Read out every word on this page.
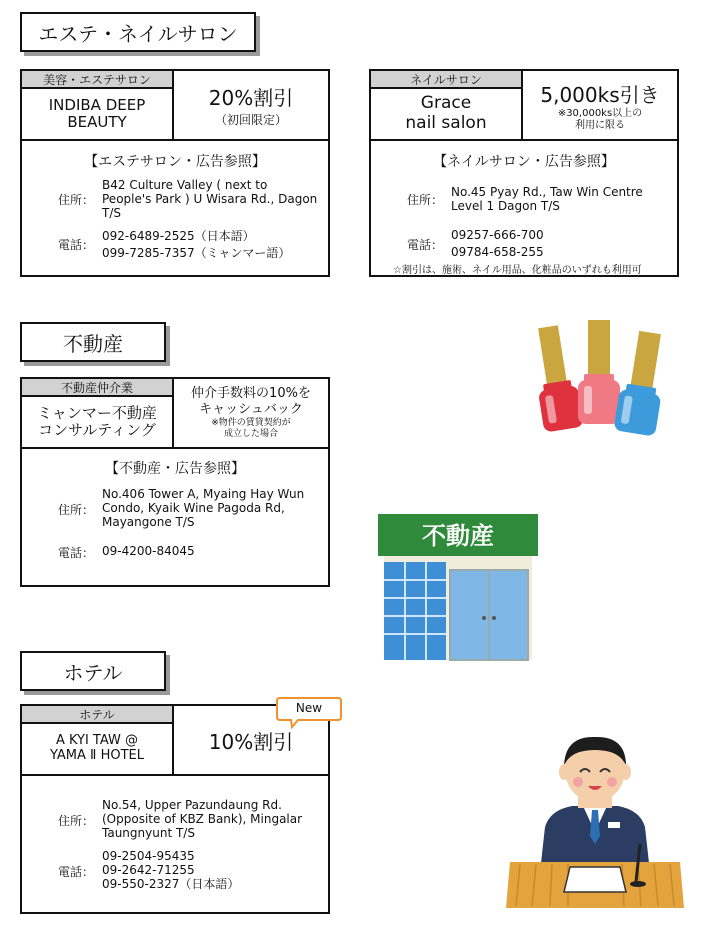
エステ・ネイルサロン
美容・エステサロン
INDIBA DEEP
BEAUTY
20%割引
（初回限定）
【エステサロン・広告参照】
住所：
B42 Culture Valley ( next to
People's Park ) U Wisara Rd., Dagon
T/S
電話：
092-6489-2525（日本語）
099-7285-7357（ミャンマー語）
ネイルサロン
Grace
nail salon
5,000ks引き
※30,000ks以上の
利用に限る
【ネイルサロン・広告参照】
住所：
No.45 Pyay Rd., Taw Win Centre
Level 1 Dagon T/S
電話：
09257-666-700
09784-658-255
☆割引は、施術、ネイル用品、化粧品のいずれも利用可
不動産
不動産仲介業
ミャンマー不動産
コンサルティング
仲介手数料の10%を
キャッシュバック
※物件の賃貸契約が
成立した場合
【不動産・広告参照】
住所：
No.406 Tower A, Myaing Hay Wun
Condo, Kyaik Wine Pagoda Rd,
Mayangone T/S
電話： 09-4200-84045
ホテル
ホテル
A KYI TAW @
YAMA Ⅱ HOTEL
10%割引
住所：
No.54, Upper Pazundaung Rd.
(Opposite of KBZ Bank), Mingalar
Taungnyunt T/S
電話：
09-2504-95435
09-2642-71255
09-550-2327（日本語）
New
不動産
